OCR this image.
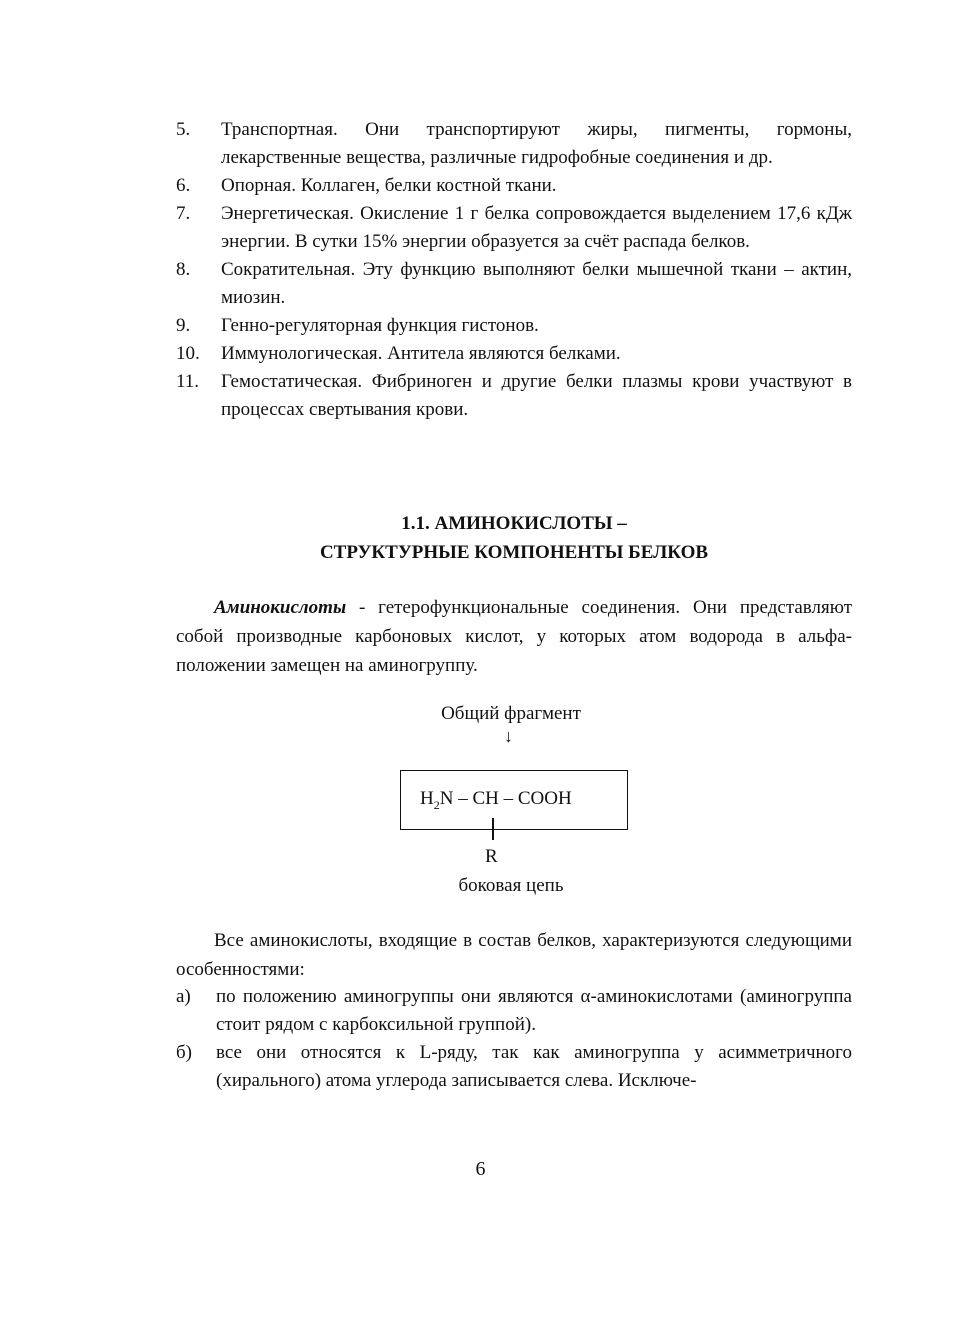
5.	Транспортная. Они транспортируют жиры, пигменты, гормоны, лекарственные вещества, различные гидрофобные соединения и др.
6.	Опорная. Коллаген, белки костной ткани.
7.	Энергетическая. Окисление 1 г белка сопровождается выделением 17,6 кДж энергии. В сутки 15% энергии образуется за счёт распада белков.
8.	Сократительная. Эту функцию выполняют белки мышечной ткани – актин, миозин.
9.	Генно-регуляторная функция гистонов.
10.	Иммунологическая. Антитела являются белками.
11.	Гемостатическая. Фибриноген и другие белки плазмы крови участвуют в процессах свертывания крови.
1.1. АМИНОКИСЛОТЫ –
СТРУКТУРНЫЕ КОМПОНЕНТЫ БЕЛКОВ
Аминокислоты - гетерофункциональные соединения. Они представляют собой производные карбоновых кислот, у которых атом водорода в альфа-положении замещен на аминогруппу.
Общий фрагмент
↓
$H_2N$ – CH – COOH
R
боковая цепь
Все аминокислоты, входящие в состав белков, характеризуются следующими особенностями:
а)	по положению аминогруппы они являются α-аминокислотами (аминогруппа стоит рядом с карбоксильной группой).
б)	все они относятся к L-ряду, так как аминогруппа у асимметричного (хирального) атома углерода записывается слева. Исключе-
6
